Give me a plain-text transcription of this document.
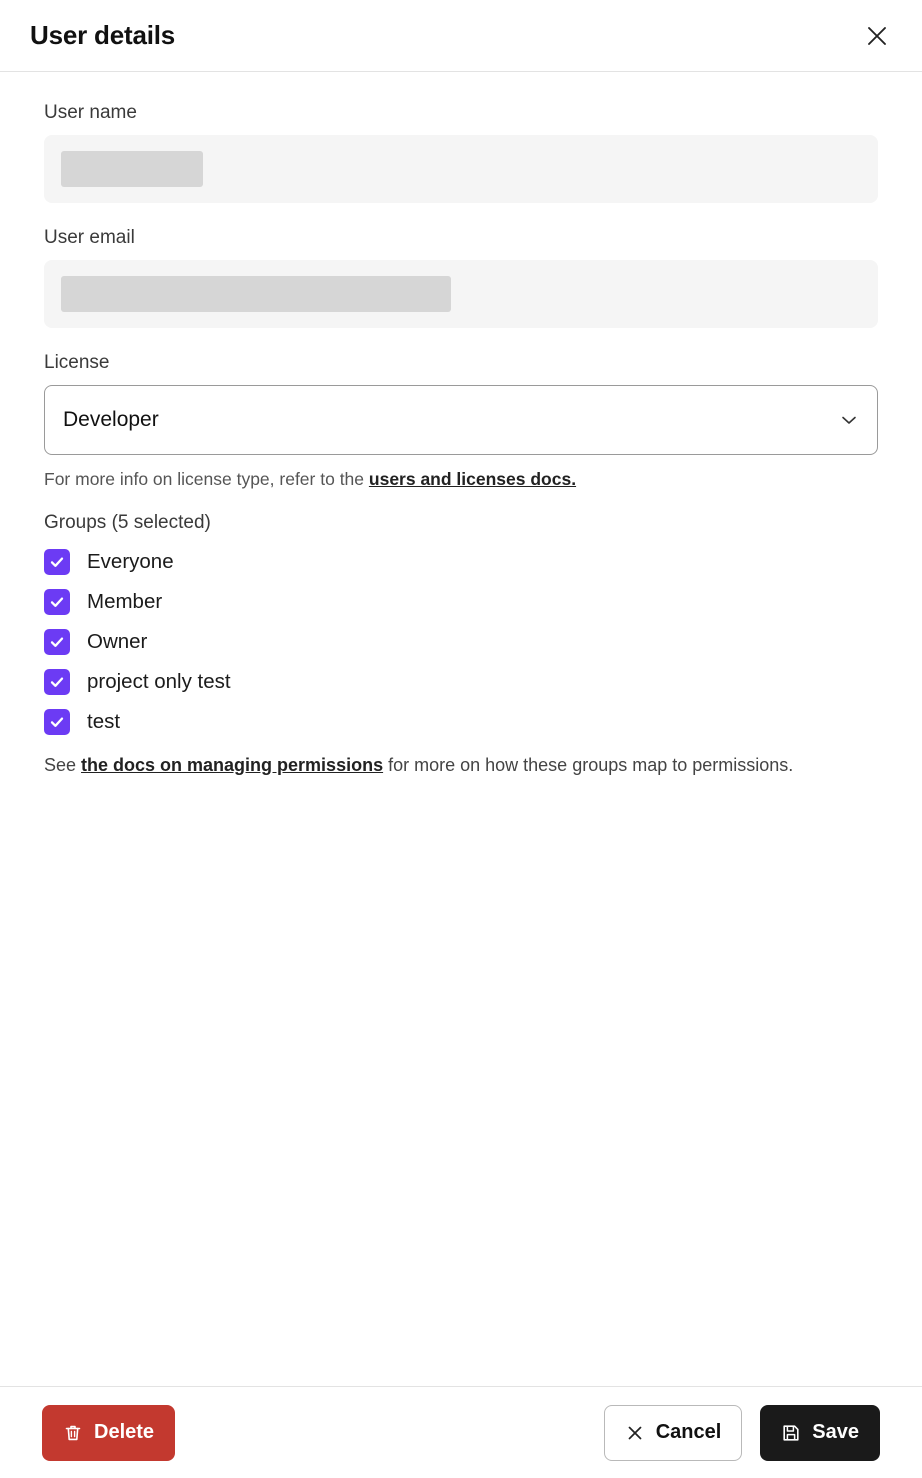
User details
User name
User email
License
Developer
For more info on license type, refer to the users and licenses docs.
Groups (5 selected)
Everyone
Member
Owner
project only test
test
See the docs on managing permissions for more on how these groups map to permissions.
Delete	Cancel	Save
